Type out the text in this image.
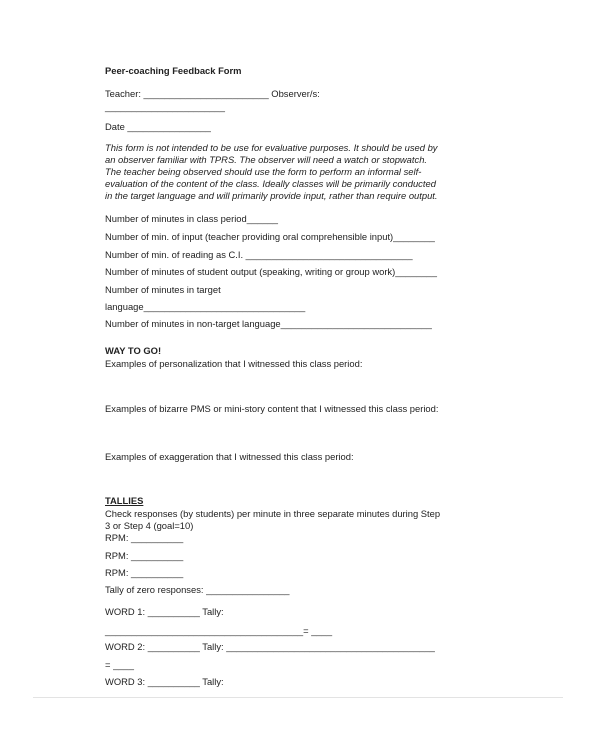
Peer-coaching Feedback Form
Teacher: ________________________ Observer/s:
_______________________
Date ________________
This form is not intended to be use for evaluative purposes. It should be used by
an observer familiar with TPRS. The observer will need a watch or stopwatch.
The teacher being observed should use the form to perform an informal self-
evaluation of the content of the class. Ideally classes will be primarily conducted
in the target language and will primarily provide input, rather than require output.
Number of minutes in class period______
Number of min. of input (teacher providing oral comprehensible input)________
Number of min. of reading as C.I. ________________________________
Number of minutes of student output (speaking, writing or group work)________
Number of minutes in target
language_______________________________
Number of minutes in non-target language_____________________________
WAY TO GO!
Examples of personalization that I witnessed this class period:
Examples of bizarre PMS or mini-story content that I witnessed this class period:
Examples of exaggeration that I witnessed this class period:
TALLIES
Check responses (by students) per minute in three separate minutes during Step
3 or Step 4 (goal=10)
RPM: __________
RPM: __________
RPM: __________
Tally of zero responses: ________________
WORD 1: __________ Tally:
______________________________________= ____
WORD 2: __________ Tally: ________________________________________
= ____
WORD 3: __________ Tally:
